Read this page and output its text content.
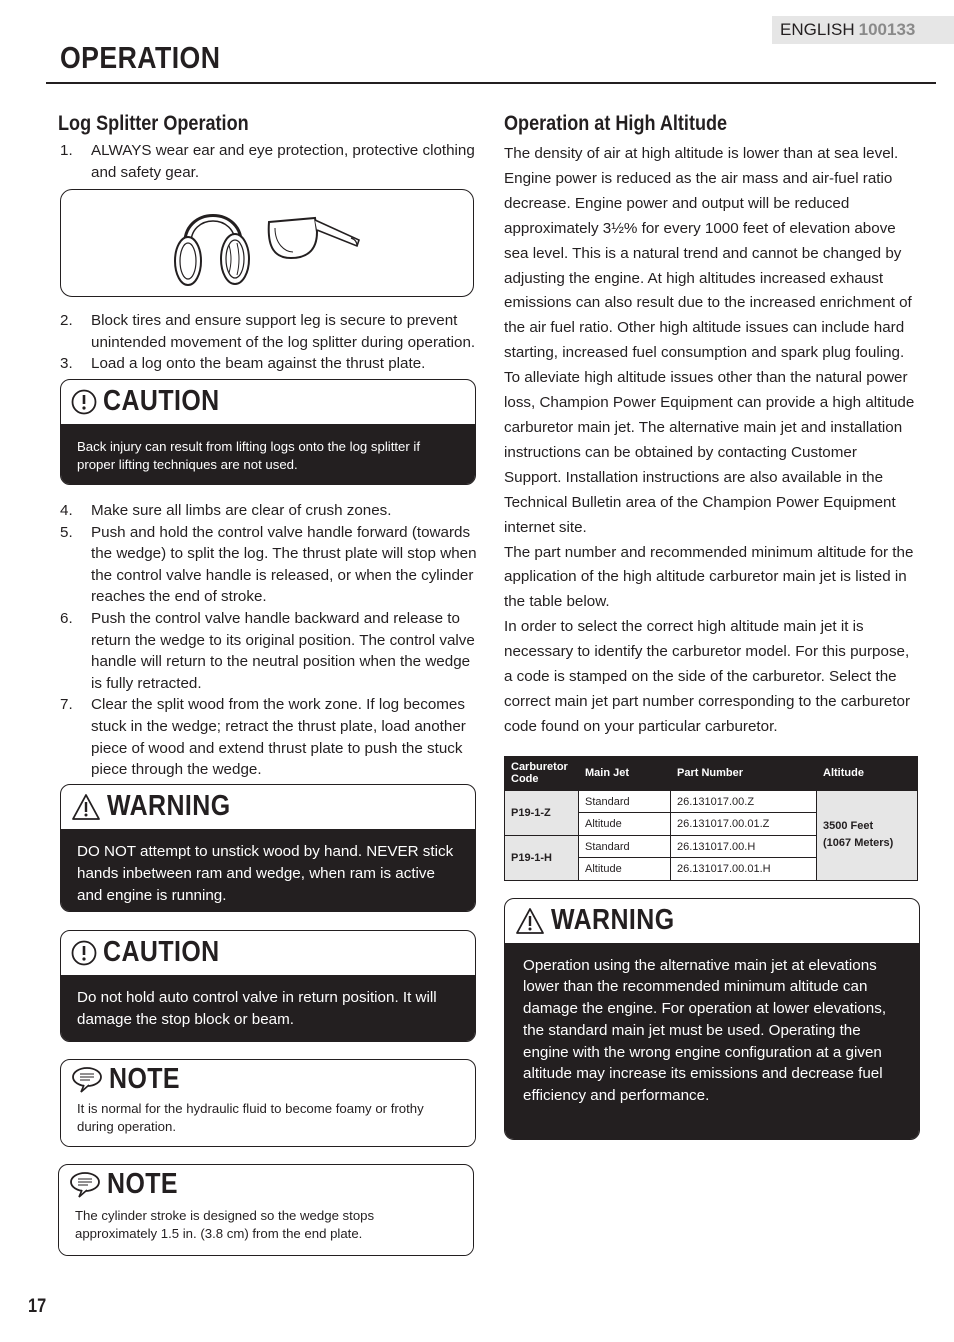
ENGLISH 100133
OPERATION
Log Splitter Operation
1.	ALWAYS wear ear and eye protection, protective clothing and safety gear.
2.	Block tires and ensure support leg is secure to prevent unintended movement of the log splitter during operation.
3.	Load a log onto the beam against the thrust plate.
CAUTION
Back injury can result from lifting logs onto the log splitter if proper lifting techniques are not used.
4.	Make sure all limbs are clear of crush zones.
5.	Push and hold the control valve handle forward (towards the wedge) to split the log. The thrust plate will stop when the control valve handle is released, or when the cylinder reaches the end of stroke.
6.	Push the control valve handle backward and release to return the wedge to its original position. The control valve handle will return to the neutral position when the wedge is fully retracted.
7.	Clear the split wood from the work zone. If log becomes stuck in the wedge; retract the thrust plate, load another piece of wood and extend thrust plate to push the stuck piece through the wedge.
WARNING
DO NOT attempt to unstick wood by hand. NEVER stick hands inbetween ram and wedge, when ram is active and engine is running.
CAUTION
Do not hold auto control valve in return position. It will damage the stop block or beam.
NOTE
It is normal for the hydraulic fluid to become foamy or frothy during operation.
NOTE
The cylinder stroke is designed so the wedge stops approximately 1.5 in. (3.8 cm) from the end plate.
Operation at High Altitude

The density of air at high altitude is lower than at sea level. Engine power is reduced as the air mass and air-fuel ratio decrease. Engine power and output will be reduced approximately 3½% for every 1000 feet of elevation above sea level. This is a natural trend and cannot be changed by adjusting the engine. At high altitudes increased exhaust emissions can also result due to the increased enrichment of the air fuel ratio. Other high altitude issues can include hard starting, increased fuel consumption and spark plug fouling.

To alleviate high altitude issues other than the natural power loss, Champion Power Equipment can provide a high altitude carburetor main jet. The alternative main jet and installation instructions can be obtained by contacting Customer Support. Installation instructions are also available in the Technical Bulletin area of the Champion Power Equipment internet site.

The part number and recommended minimum altitude for the application of the high altitude carburetor main jet is listed in the table below.

In order to select the correct high altitude main jet it is necessary to identify the carburetor model. For this purpose, a code is stamped on the side of the carburetor. Select the correct main jet part number corresponding to the carburetor code found on your particular carburetor.

Carburetor Code	Main Jet	Part Number	Altitude
P19-1-Z	Standard	26.131017.00.Z	3500 Feet
(1067 Meters)

	Altitude	26.131017.00.01.Z	
P19-1-H	Standard	26.131017.00.H	
	Altitude	26.131017.00.01.H	
WARNING
Operation using the alternative main jet at elevations lower than the recommended minimum altitude can damage the engine. For operation at lower elevations, the standard main jet must be used. Operating the engine with the wrong engine configuration at a given altitude may increase its emissions and decrease fuel efficiency and performance.
17
